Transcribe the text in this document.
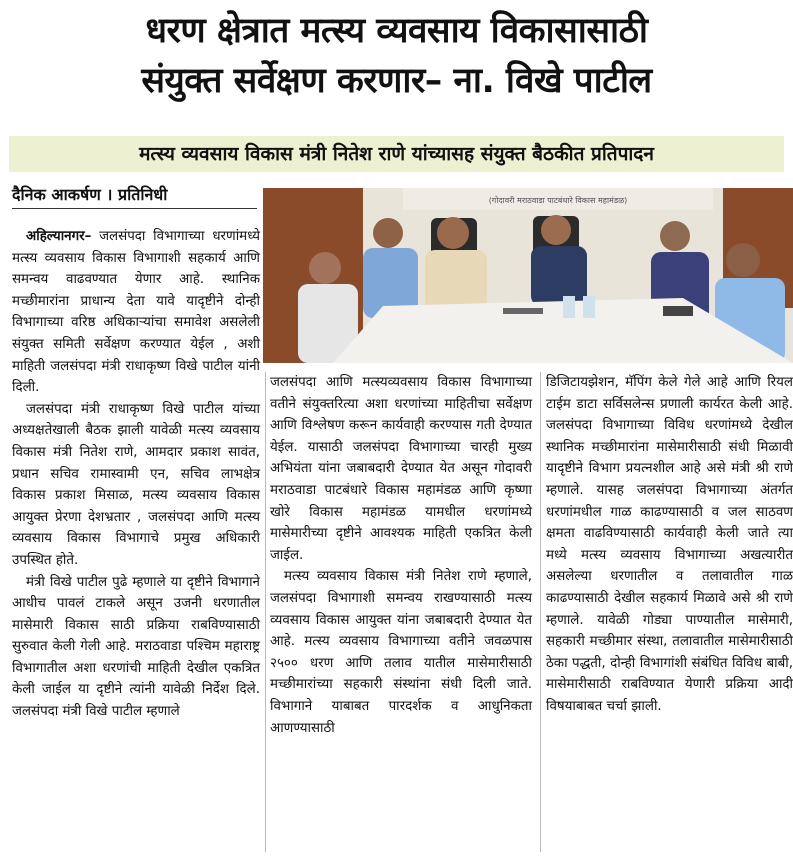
धरण क्षेत्रात मत्स्य व्यवसाय विकासासाठी
संयुक्त सर्वेक्षण करणार– ना. विखे पाटील
मत्स्य व्यवसाय विकास मंत्री नितेश राणे यांच्यासह संयुक्त बैठकीत प्रतिपादन
दैनिक आकर्षण । प्रतिनिधी	(गोदावरी मराठवाडा पाटबंधारे विकास महामंडळ)

अहिल्यानगर– जलसंपदा विभागाच्या धरणांमध्ये मत्स्य व्यवसाय विकास विभागाशी सहकार्य आणि समन्वय वाढवण्यात येणार आहे. स्थानिक मच्छीमारांना प्राधान्य देता यावे यादृष्टीने दोन्ही विभागाच्या वरिष्ठ अधिकाऱ्यांचा समावेश असलेली संयुक्त समिती सर्वेक्षण करण्यात येईल , अशी माहिती जलसंपदा मंत्री राधाकृष्ण विखे पाटील यांनी दिली.

जलसंपदा मंत्री राधाकृष्ण विखे पाटील यांच्या अध्यक्षतेखाली बैठक झाली यावेळी मत्स्य व्यवसाय विकास मंत्री नितेश राणे, आमदार प्रकाश सावंत, प्रधान सचिव रामास्वामी एन, सचिव लाभक्षेत्र विकास प्रकाश मिसाळ, मत्स्य व्यवसाय विकास आयुक्त प्रेरणा देशभ्रतार , जलसंपदा आणि मत्स्य व्यवसाय विकास विभागाचे प्रमुख अधिकारी उपस्थित होते.

मंत्री विखे पाटील पुढे म्हणाले या दृष्टीने विभागाने आधीच पावलं टाकले असून उजनी धरणातील मासेमारी विकास साठी प्रक्रिया राबविण्यासाठी सुरुवात केली गेली आहे. मराठवाडा पश्चिम महाराष्ट्र विभागातील अशा धरणांची माहिती देखील एकत्रित केली जाईल या दृष्टीने त्यांनी यावेळी निर्देश दिले. जलसंपदा मंत्री विखे पाटील म्हणाले

जलसंपदा आणि मत्स्यव्यवसाय विकास विभागाच्या वतीने संयुक्तरित्या अशा धरणांच्या माहितीचा सर्वेक्षण आणि विश्लेषण करून कार्यवाही करण्यास गती देण्यात येईल. यासाठी जलसंपदा विभागाच्या चारही मुख्य अभियंता यांना जबाबदारी देण्यात येत असून गोदावरी मराठवाडा पाटबंधारे विकास महामंडळ आणि कृष्णा खोरे विकास महामंडळ यामधील धरणांमध्ये मासेमारीच्या दृष्टीने आवश्यक माहिती एकत्रित केली जाईल.

मत्स्य व्यवसाय विकास मंत्री नितेश राणे म्हणाले, जलसंपदा विभागाशी समन्वय राखण्यासाठी मत्स्य व्यवसाय विकास आयुक्त यांना जबाबदारी देण्यात येत आहे. मत्स्य व्यवसाय विभागाच्या वतीने जवळपास २५०० धरण आणि तलाव यातील मासेमारीसाठी मच्छीमारांच्या सहकारी संस्थांना संधी दिली जाते. विभागाने याबाबत पारदर्शक व आधुनिकता आणण्यासाठी

डिजिटायझेशन, मॅपिंग केले गेले आहे आणि रियल टाईम डाटा सर्विसलेन्स प्रणाली कार्यरत केली आहे. जलसंपदा विभागाच्या विविध धरणांमध्ये देखील स्थानिक मच्छीमारांना मासेमारीसाठी संधी मिळावी यादृष्टीने विभाग प्रयत्नशील आहे असे मंत्री श्री राणे म्हणाले. यासह जलसंपदा विभागाच्या अंतर्गत धरणांमधील गाळ काढण्यासाठी व जल साठवण क्षमता वाढविण्यासाठी कार्यवाही केली जाते त्या मध्ये मत्स्य व्यवसाय विभागाच्या अखत्यारीत असलेल्या धरणातील व तलावातील गाळ काढण्यासाठी देखील सहकार्य मिळावे असे श्री राणे म्हणाले. यावेळी गोड्या पाण्यातील मासेमारी, सहकारी मच्छीमार संस्था, तलावातील मासेमारीसाठी ठेका पद्धती, दोन्ही विभागांशी संबंधित विविध बाबी, मासेमारीसाठी राबविण्यात येणारी प्रक्रिया आदी विषयाबाबत चर्चा झाली.
